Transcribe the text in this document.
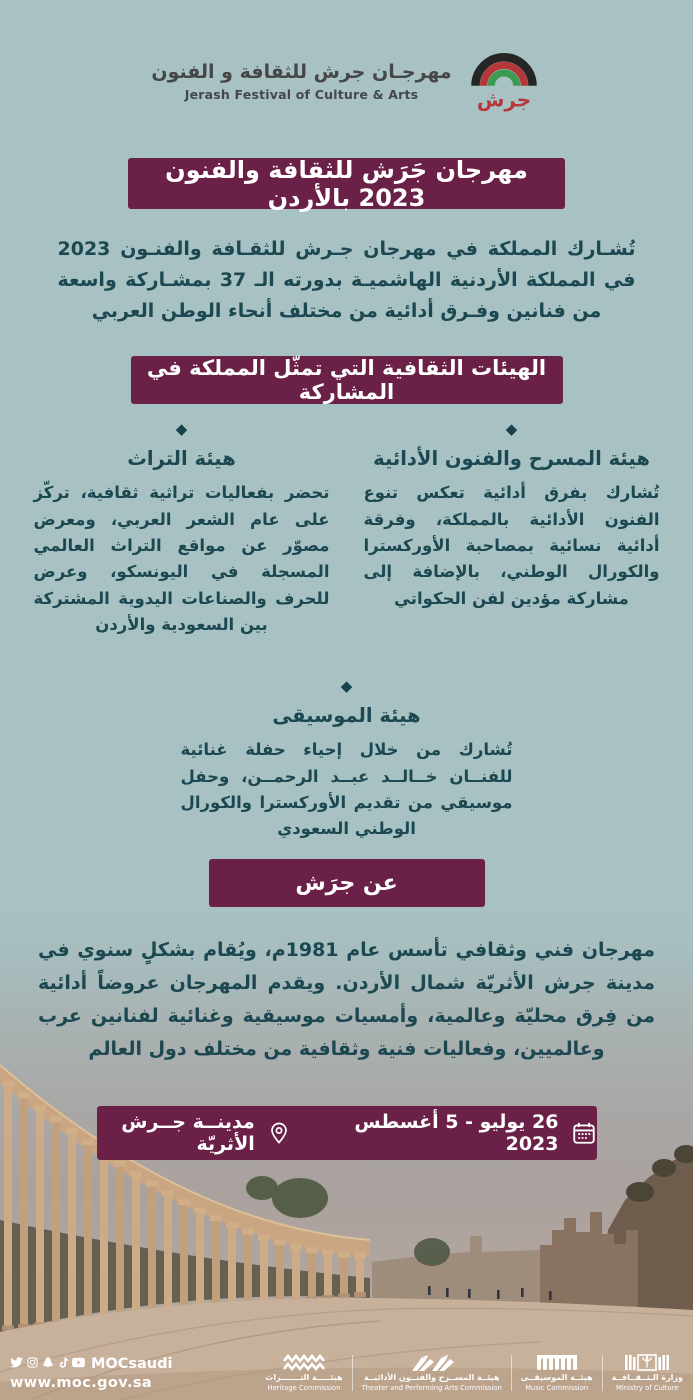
جرش
مهرجـان جرش للثقافة و الفنون
Jerash Festival of Culture & Arts
مهرجان جَرَش للثقافة والفنون 2023 بالأردن

تُشـارك المملكة في مهرجان جـرش للثقـافة والفنـون 2023 في المملكة الأردنية الهاشميـة بدورته الـ 37 بمشـاركة واسعة من فنانين وفـرق أدائية من مختلف أنحاء الوطن العربي

الهيئات الثقافية التي تمثّل المملكة في المشاركة
◆
هيئة المسرح والفنون الأدائية

تُشارك بفرق أدائية تعكس تنوع الفنون الأدائية بالمملكة، وفرقة أدائية نسائية بمصاحبة الأوركسترا والكورال الوطني، بالإضافة إلى مشاركة مؤدين لفن الحكواتي

◆
هيئة التراث

تحضر بفعاليات تراثية ثقافية، تركّز على عام الشعر العربي، ومعرض مصوّر عن مواقع التراث العالمي المسجلة في اليونسكو، وعرض للحرف والصناعات اليدوية المشتركة بين السعودية والأردن

◆
هيئة الموسيقى

تُشارك من خلال إحياء حفلة غنائية للفنــان خــالــد عبــد الرحمــن، وحفل موسيقي من تقديم الأوركسترا والكورال الوطني السعودي

عن جرَش

مهرجان فني وثقافي تأسس عام 1981م، ويُقام بشكلٍ سنوي في مدينة جرش الأثريّة شمال الأردن. ويقدم المهرجان عروضاً أدائية من فِرق محليّة وعالمية، وأمسيات موسيقية وغنائية لفنانين عرب وعالميين، وفعاليات فنية وثقافية من مختلف دول العالم

26 يوليو - 5 أغسطس 2023
مدينــة جــرش الأثريّة
MOCsaudi
www.moc.gov.sa	هيئـــــة التـــــــراث
Heritage Commission
هيئــة المســرح والفنــون الأدائيــة
Theater and Performing Arts Commission
هيئــة الموسيقــى
Music Commission
وزارة الـثــقــافــة
Ministry of Culture
